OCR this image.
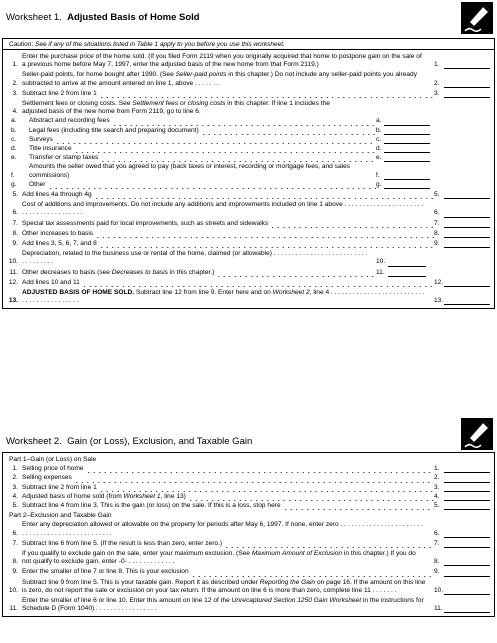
Worksheet 1. Adjusted Basis of Home Sold
Caution: See if any of the situations listed in Table 1 apply to you before you use this worksheet.
1.
Enter the purchase price of the home sold. (If you filed Form 2119 when you originally acquired that home to postpone gain on the sale of a previous home before May 7, 1997, enter the adjusted basis of the new home from that Form 2119.)	1.
2.
Seller-paid points, for home bought after 1990. (See Seller-paid points in this chapter.) Do not include any seller-paid points you already subtracted to arrive at the amount entered on line 1, above . . . . . . .	2.
3. Subtract line 2 from line 1	3.
4.
Settlement fees or closing costs. See Settlement fees or closing costs in this chapter. If line 1 includes the adjusted basis of the new home from Form 2119, go to line 6.
a.	Abstract and recording fees	a.
b.	Legal fees (including title search and preparing document)	b.
c.	Surveys	c.
d.	Title insurance	d.
e.	Transfer or stamp taxes	e.
f.
Amounts the seller owed that you agreed to pay (back taxes or interest, recording or mortgage fees, and sales commissions)	f.
g.	Other	g.
5. Add lines 4a through 4g	5.
6.
Cost of additions and improvements. Do not include any additions and improvements included on line 1 above . . . . . . . . . . . . . . . . . . . . . . . . . . . . . . . . . . . . . . .	6.
7. Special tax assessments paid for local improvements, such as streets and sidewalks	7.
8. Other increases to basis	8.
9. Add lines 3, 5, 6, 7, and 8	9.
10.
Depreciation, related to the business use or rental of the home, claimed (or allowable) . . . . . . . . . . . . . . . . . . . . . . . . . . . . . . . . . . .	10.
11. Other decreases to basis (see Decreases to basis in this chapter.)	11.
12. Add lines 10 and 11	12.
13.
ADJUSTED BASIS OF HOME SOLD. Subtract line 12 from line 9. Enter here and on Worksheet 2, line 4 . . . . . . . . . . . . . . . . . . . . . . . . . . . . . . . . . . . . . . . . . .	13.
Worksheet 2. Gain (or Loss), Exclusion, and Taxable Gain
Part 1–Gain (or Loss) on Sale
1. Selling price of home	1.
2. Selling expenses	2.
3. Subtract line 2 from line 1	3.
4. Adjusted basis of home sold (from Worksheet 1, line 13)	4.
5. Subtract line 4 from line 3. This is the gain (or loss) on the sale. If this is a loss, stop here	5.
Part 2–Exclusion and Taxable Gain
6.
Enter any depreciation allowed or allowable on the property for periods after May 6, 1997. If none, enter zero . . . . . . . . . . . . . . . . . . . . . . . . . . . . . . . . . . . . . . . . . . . . . . . .	6.
7. Subtract line 6 from line 5. (If the result is less than zero, enter zero.)	7.
8.
If you qualify to exclude gain on the sale, enter your maximum exclusion. (See Maximum Amount of Exclusion in this chapter.) If you do not qualify to exclude gain, enter -0- . . . . . . . . . . . . .	8.
9. Enter the smaller of line 7 or line 8. This is your exclusion	9.
10.
Subtract line 9 from line 5. This is your taxable gain. Report it as described under Reporting the Gain on page 16. If the amount on this line is zero, do not report the sale or exclusion on your tax return. If the amount on line 6 is more than zero, complete line 11 . . . . . . .	10.
11.
Enter the smaller of line 6 or line 10. Enter this amount on line 12 of the Unrecaptured Section 1250 Gain Worksheet in the instructions for Schedule D (Form 1040) . . . . . . . . . . . . . . . . .	11.
